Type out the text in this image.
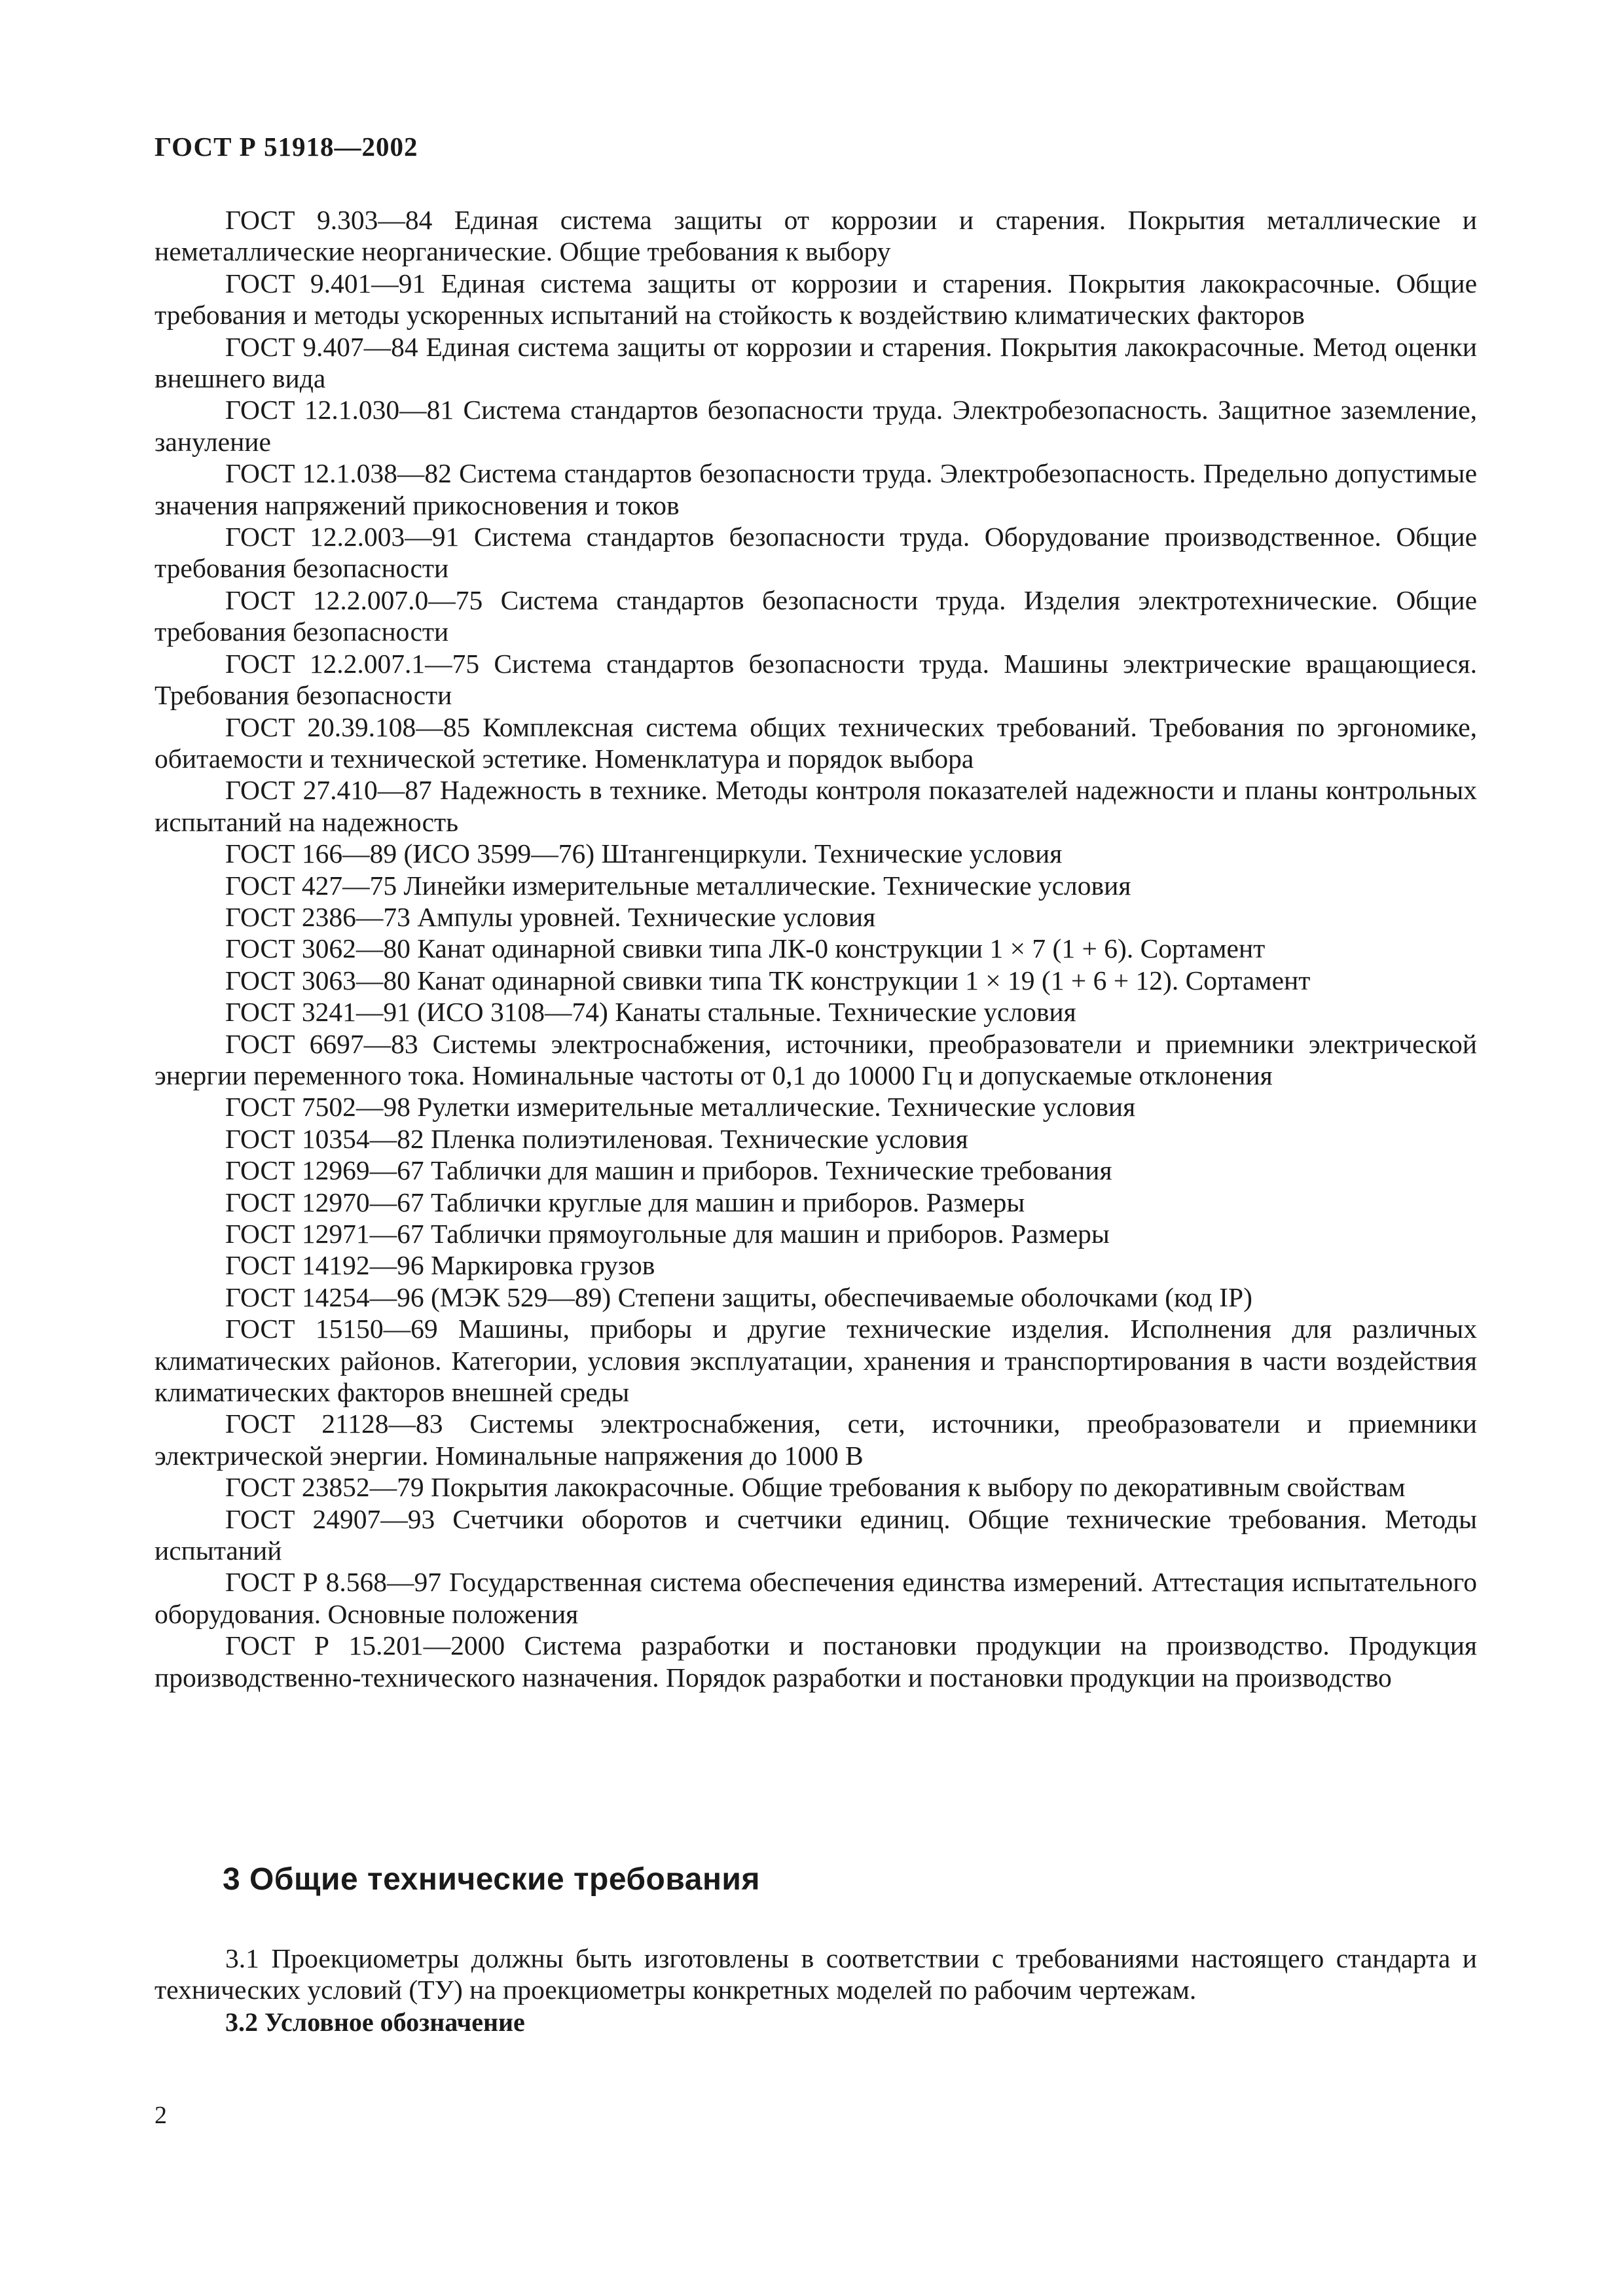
ГОСТ Р 51918—2002
ГОСТ 9.303—84 Единая система защиты от коррозии и старения. Покрытия металлические и неметаллические неорганические. Общие требования к выбору
ГОСТ 9.401—91 Единая система защиты от коррозии и старения. Покрытия лакокрасочные. Общие требования и методы ускоренных испытаний на стойкость к воздействию климатических факторов
ГОСТ 9.407—84 Единая система защиты от коррозии и старения. Покрытия лакокрасочные. Метод оценки внешнего вида
ГОСТ 12.1.030—81 Система стандартов безопасности труда. Электробезопасность. Защитное заземление, зануление
ГОСТ 12.1.038—82 Система стандартов безопасности труда. Электробезопасность. Предельно допустимые значения напряжений прикосновения и токов
ГОСТ 12.2.003—91 Система стандартов безопасности труда. Оборудование производственное. Общие требования безопасности
ГОСТ 12.2.007.0—75 Система стандартов безопасности труда. Изделия электротехнические. Общие требования безопасности
ГОСТ 12.2.007.1—75 Система стандартов безопасности труда. Машины электрические вращающиеся. Требования безопасности
ГОСТ 20.39.108—85 Комплексная система общих технических требований. Требования по эргономике, обитаемости и технической эстетике. Номенклатура и порядок выбора
ГОСТ 27.410—87 Надежность в технике. Методы контроля показателей надежности и планы контрольных испытаний на надежность
ГОСТ 166—89 (ИСО 3599—76) Штангенциркули. Технические условия
ГОСТ 427—75 Линейки измерительные металлические. Технические условия
ГОСТ 2386—73 Ампулы уровней. Технические условия
ГОСТ 3062—80 Канат одинарной свивки типа ЛК-0 конструкции 1 × 7 (1 + 6). Сортамент
ГОСТ 3063—80 Канат одинарной свивки типа ТК конструкции 1 × 19 (1 + 6 + 12). Сортамент
ГОСТ 3241—91 (ИСО 3108—74) Канаты стальные. Технические условия
ГОСТ 6697—83 Системы электроснабжения, источники, преобразователи и приемники электрической энергии переменного тока. Номинальные частоты от 0,1 до 10000 Гц и допускаемые отклонения
ГОСТ 7502—98 Рулетки измерительные металлические. Технические условия
ГОСТ 10354—82 Пленка полиэтиленовая. Технические условия
ГОСТ 12969—67 Таблички для машин и приборов. Технические требования
ГОСТ 12970—67 Таблички круглые для машин и приборов. Размеры
ГОСТ 12971—67 Таблички прямоугольные для машин и приборов. Размеры
ГОСТ 14192—96 Маркировка грузов
ГОСТ 14254—96 (МЭК 529—89) Степени защиты, обеспечиваемые оболочками (код IP)
ГОСТ 15150—69 Машины, приборы и другие технические изделия. Исполнения для различных климатических районов. Категории, условия эксплуатации, хранения и транспортирования в части воздействия климатических факторов внешней среды
ГОСТ 21128—83 Системы электроснабжения, сети, источники, преобразователи и приемники электрической энергии. Номинальные напряжения до 1000 В
ГОСТ 23852—79 Покрытия лакокрасочные. Общие требования к выбору по декоративным свойствам
ГОСТ 24907—93 Счетчики оборотов и счетчики единиц. Общие технические требования. Методы испытаний
ГОСТ Р 8.568—97 Государственная система обеспечения единства измерений. Аттестация испытательного оборудования. Основные положения
ГОСТ Р 15.201—2000 Система разработки и постановки продукции на производство. Продукция производственно-технического назначения. Порядок разработки и постановки продукции на производство
3 Общие технические требования

3.1 Проекциометры должны быть изготовлены в соответствии с требованиями настоящего стандарта и технических условий (ТУ) на проекциометры конкретных моделей по рабочим чертежам.

3.2 Условное обозначение
2
